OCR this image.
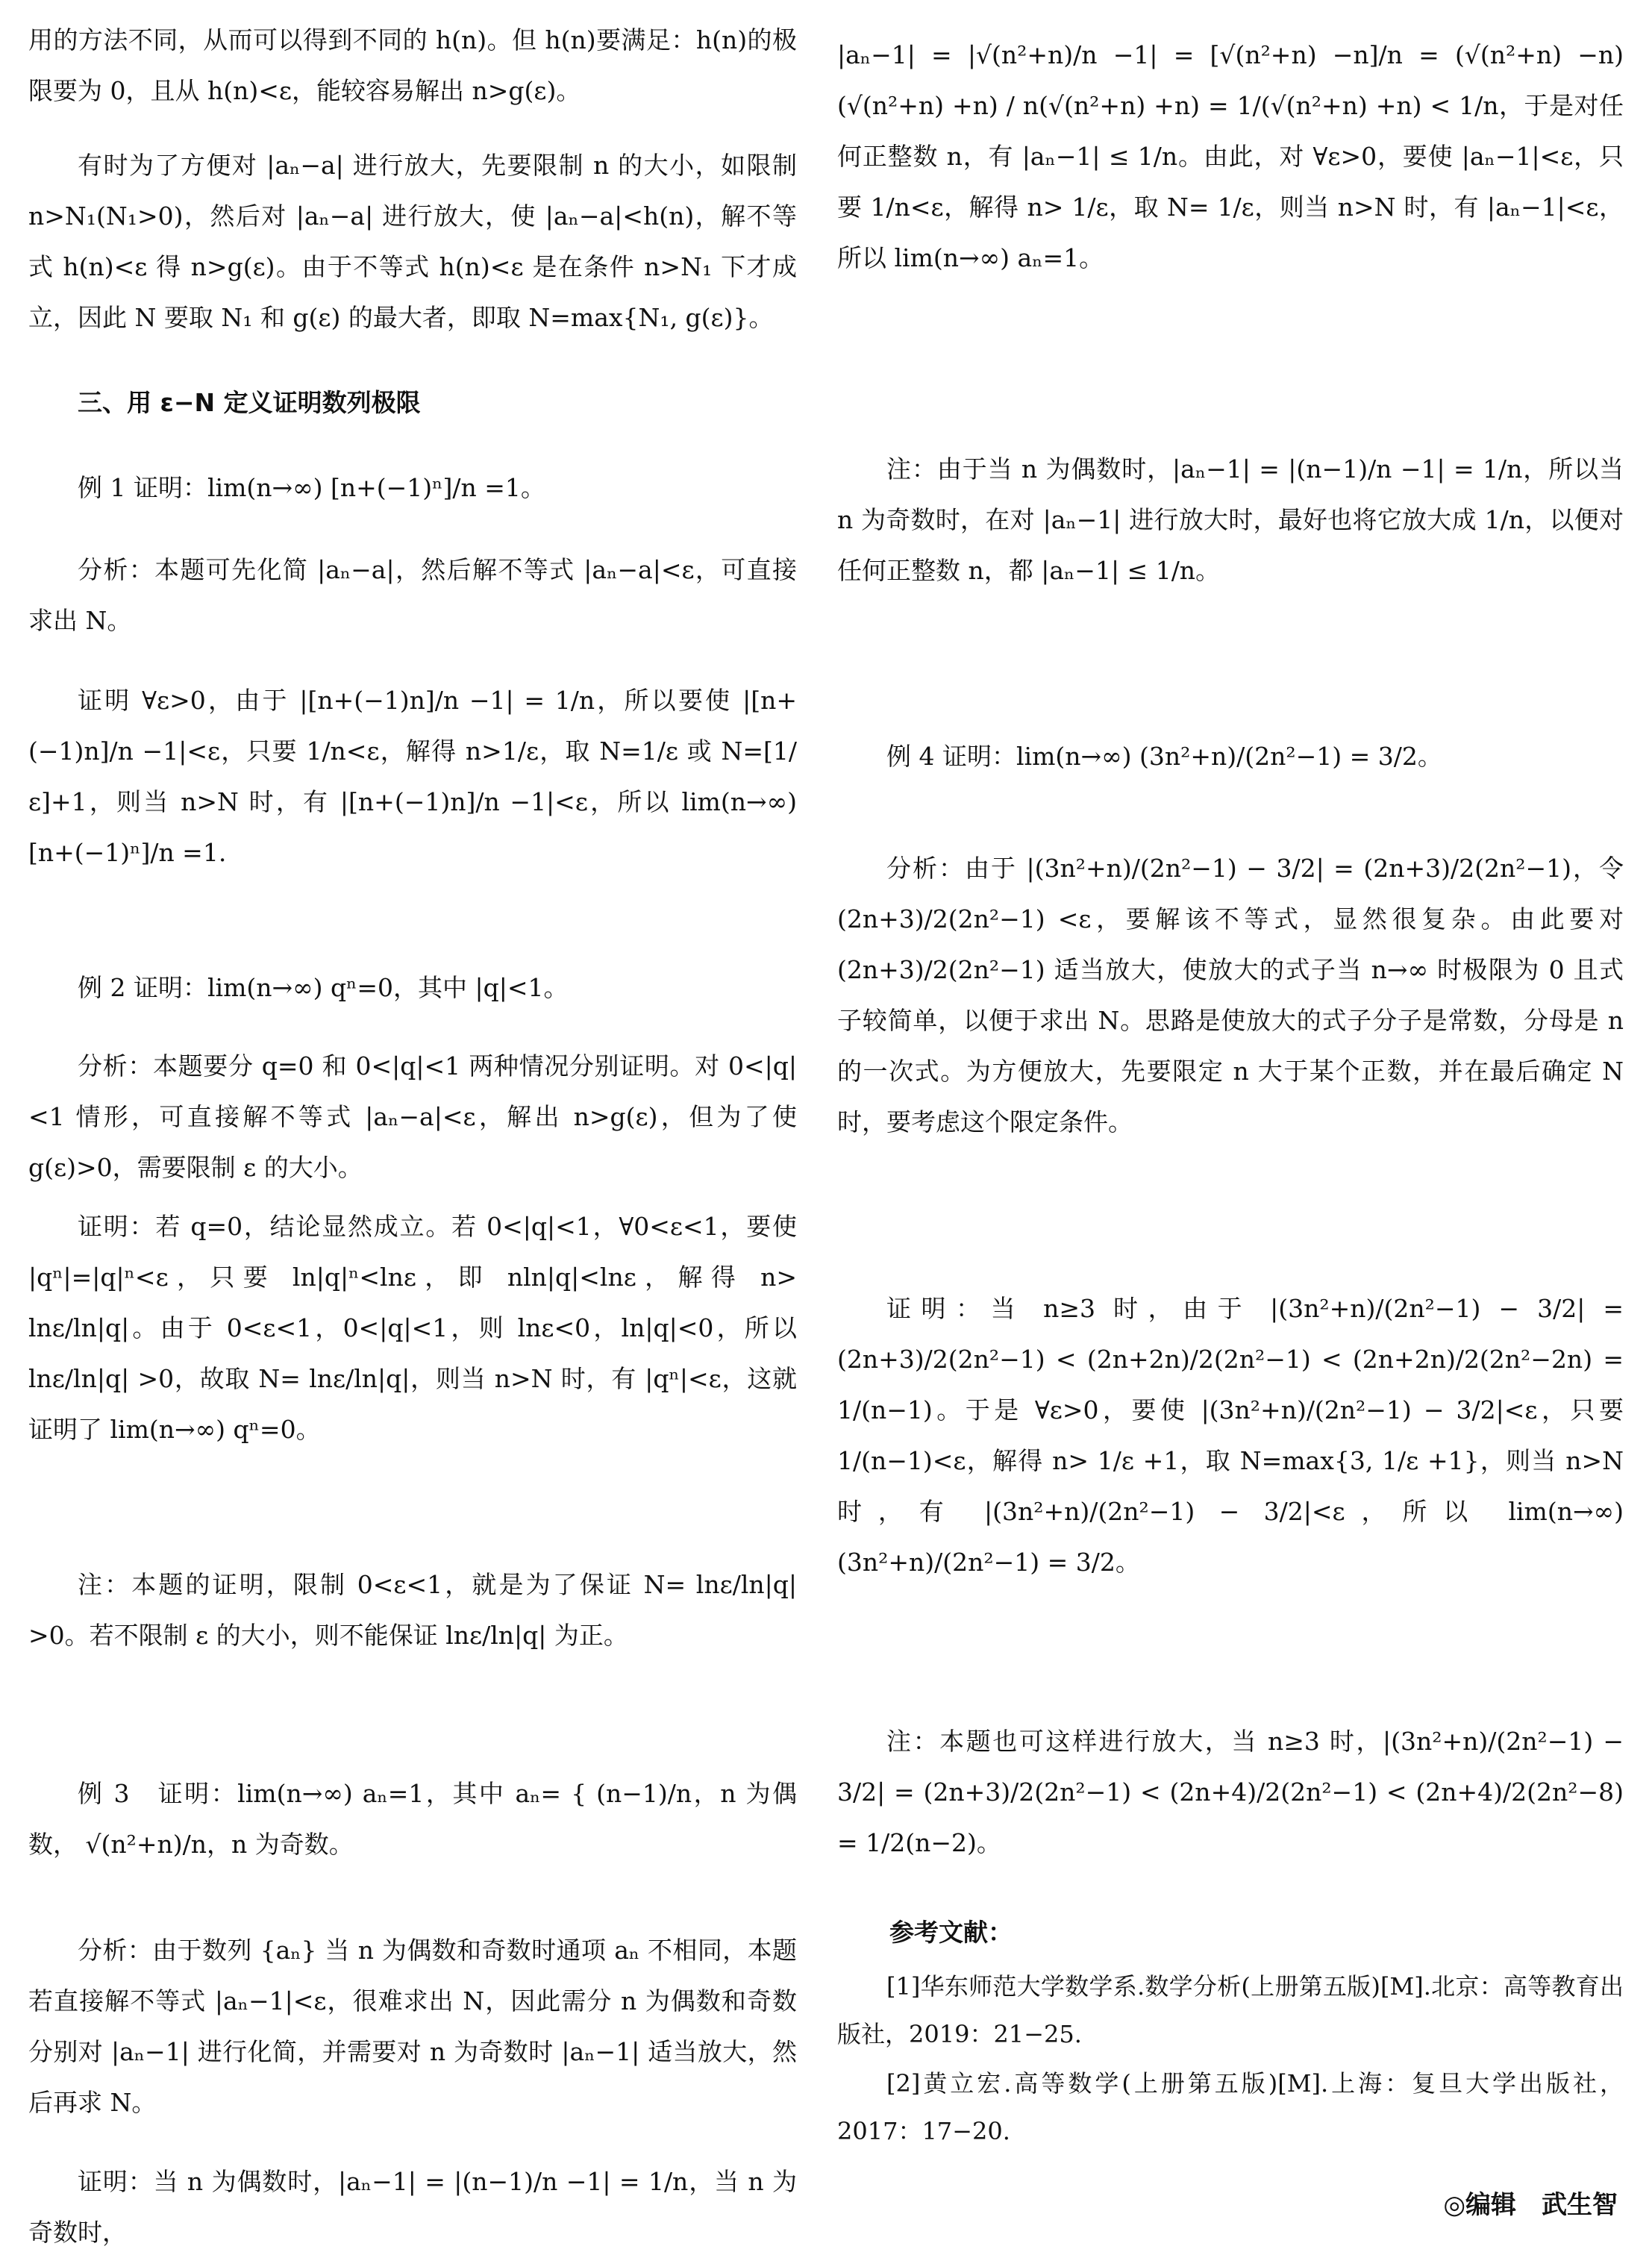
用的方法不同，从而可以得到不同的 h(n)。但 h(n)要满足：h(n)的极限要为 0，且从 h(n)<ε，能较容易解出 n>g(ε)。
有时为了方便对 |aₙ−a| 进行放大，先要限制 n 的大小，如限制 n>N₁(N₁>0)，然后对 |aₙ−a| 进行放大，使 |aₙ−a|<h(n)，解不等式 h(n)<ε 得 n>g(ε)。由于不等式 h(n)<ε 是在条件 n>N₁ 下才成立，因此 N 要取 N₁ 和 g(ε) 的最大者，即取 N=max{N₁, g(ε)}。
三、用 ε−N 定义证明数列极限
例 1 证明：lim(n→∞) [n+(−1)ⁿ]/n =1。
分析：本题可先化简 |aₙ−a|，然后解不等式 |aₙ−a|<ε，可直接求出 N。
证明 ∀ε>0，由于 |[n+(−1)n]/n −1| = 1/n，所以要使 |[n+(−1)n]/n −1|<ε，只要 1/n<ε，解得 n>1/ε，取 N=1/ε 或 N=[1/ε]+1，则当 n>N 时，有 |[n+(−1)n]/n −1|<ε，所以 lim(n→∞) [n+(−1)ⁿ]/n =1.
例 2 证明：lim(n→∞) qⁿ=0，其中 |q|<1。
分析：本题要分 q=0 和 0<|q|<1 两种情况分别证明。对 0<|q|<1 情形，可直接解不等式 |aₙ−a|<ε，解出 n>g(ε)，但为了使 g(ε)>0，需要限制 ε 的大小。
证明：若 q=0，结论显然成立。若 0<|q|<1，∀0<ε<1，要使 |qⁿ|=|q|ⁿ<ε，只要 ln|q|ⁿ<lnε，即 nln|q|<lnε，解得 n> lnε/ln|q|。由于 0<ε<1，0<|q|<1，则 lnε<0，ln|q|<0，所以 lnε/ln|q| >0，故取 N= lnε/ln|q|，则当 n>N 时，有 |qⁿ|<ε，这就证明了 lim(n→∞) qⁿ=0。
注：本题的证明，限制 0<ε<1，就是为了保证 N= lnε/ln|q| >0。若不限制 ε 的大小，则不能保证 lnε/ln|q| 为正。
例 3　证明：lim(n→∞) aₙ=1，其中 aₙ= { (n−1)/n，n 为偶数， √(n²+n)/n，n 为奇数。
分析：由于数列 {aₙ} 当 n 为偶数和奇数时通项 aₙ 不相同，本题若直接解不等式 |aₙ−1|<ε，很难求出 N，因此需分 n 为偶数和奇数分别对 |aₙ−1| 进行化简，并需要对 n 为奇数时 |aₙ−1| 适当放大，然后再求 N。
证明：当 n 为偶数时，|aₙ−1| = |(n−1)/n −1| = 1/n，当 n 为奇数时，
|aₙ−1| = |√(n²+n)/n −1| = [√(n²+n) −n]/n = (√(n²+n) −n)(√(n²+n) +n) / n(√(n²+n) +n) = 1/(√(n²+n) +n) < 1/n，于是对任何正整数 n，有 |aₙ−1| ≤ 1/n。由此，对 ∀ε>0，要使 |aₙ−1|<ε，只要 1/n<ε，解得 n> 1/ε，取 N= 1/ε，则当 n>N 时，有 |aₙ−1|<ε，所以 lim(n→∞) aₙ=1。
注：由于当 n 为偶数时，|aₙ−1| = |(n−1)/n −1| = 1/n，所以当 n 为奇数时，在对 |aₙ−1| 进行放大时，最好也将它放大成 1/n，以便对任何正整数 n，都 |aₙ−1| ≤ 1/n。
例 4 证明：lim(n→∞) (3n²+n)/(2n²−1) = 3/2。
分析：由于 |(3n²+n)/(2n²−1) − 3/2| = (2n+3)/2(2n²−1)，令 (2n+3)/2(2n²−1) <ε，要解该不等式，显然很复杂。由此要对 (2n+3)/2(2n²−1) 适当放大，使放大的式子当 n→∞ 时极限为 0 且式子较简单，以便于求出 N。思路是使放大的式子分子是常数，分母是 n 的一次式。为方便放大，先要限定 n 大于某个正数，并在最后确定 N 时，要考虑这个限定条件。
证明：当 n≥3 时，由于 |(3n²+n)/(2n²−1) − 3/2| = (2n+3)/2(2n²−1) < (2n+2n)/2(2n²−1) < (2n+2n)/2(2n²−2n) = 1/(n−1)。于是 ∀ε>0，要使 |(3n²+n)/(2n²−1) − 3/2|<ε，只要 1/(n−1)<ε，解得 n> 1/ε +1，取 N=max{3, 1/ε +1}，则当 n>N 时，有 |(3n²+n)/(2n²−1) − 3/2|<ε，所以 lim(n→∞) (3n²+n)/(2n²−1) = 3/2。
注：本题也可这样进行放大，当 n≥3 时，|(3n²+n)/(2n²−1) − 3/2| = (2n+3)/2(2n²−1) < (2n+4)/2(2n²−1) < (2n+4)/2(2n²−8) = 1/2(n−2)。
参考文献：
[1]华东师范大学数学系.数学分析(上册第五版)[M].北京：高等教育出版社，2019：21−25.
[2]黄立宏.高等数学(上册第五版)[M].上海：复旦大学出版社，2017：17−20.
◎编辑　武生智
